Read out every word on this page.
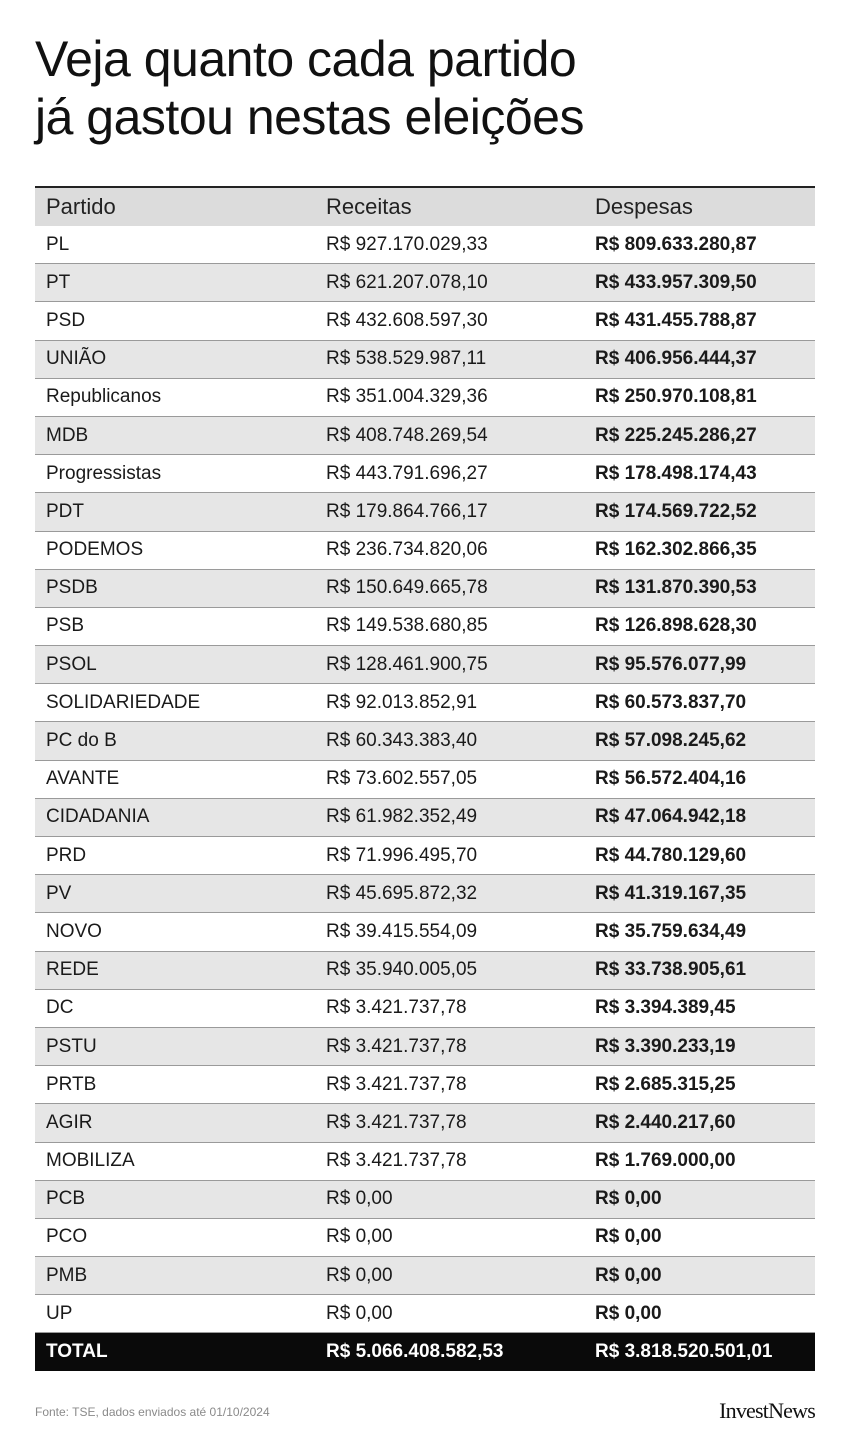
Veja quanto cada partido
já gastou nestas eleições
Partido	Receitas	Despesas
PL	R$ 927.170.029,33	R$ 809.633.280,87
PT	R$ 621.207.078,10	R$ 433.957.309,50
PSD	R$ 432.608.597,30	R$ 431.455.788,87
UNIÃO	R$ 538.529.987,11	R$ 406.956.444,37
Republicanos	R$ 351.004.329,36	R$ 250.970.108,81
MDB	R$ 408.748.269,54	R$ 225.245.286,27
Progressistas	R$ 443.791.696,27	R$ 178.498.174,43
PDT	R$ 179.864.766,17	R$ 174.569.722,52
PODEMOS	R$ 236.734.820,06	R$ 162.302.866,35
PSDB	R$ 150.649.665,78	R$ 131.870.390,53
PSB	R$ 149.538.680,85	R$ 126.898.628,30
PSOL	R$ 128.461.900,75	R$ 95.576.077,99
SOLIDARIEDADE	R$ 92.013.852,91	R$ 60.573.837,70
PC do B	R$ 60.343.383,40	R$ 57.098.245,62
AVANTE	R$ 73.602.557,05	R$ 56.572.404,16
CIDADANIA	R$ 61.982.352,49	R$ 47.064.942,18
PRD	R$ 71.996.495,70	R$ 44.780.129,60
PV	R$ 45.695.872,32	R$ 41.319.167,35
NOVO	R$ 39.415.554,09	R$ 35.759.634,49
REDE	R$ 35.940.005,05	R$ 33.738.905,61
DC	R$ 3.421.737,78	R$ 3.394.389,45
PSTU	R$ 3.421.737,78	R$ 3.390.233,19
PRTB	R$ 3.421.737,78	R$ 2.685.315,25
AGIR	R$ 3.421.737,78	R$ 2.440.217,60
MOBILIZA	R$ 3.421.737,78	R$ 1.769.000,00
PCB	R$ 0,00	R$ 0,00
PCO	R$ 0,00	R$ 0,00
PMB	R$ 0,00	R$ 0,00
UP	R$ 0,00	R$ 0,00
TOTAL	R$ 5.066.408.582,53	R$ 3.818.520.501,01
Fonte: TSE, dados enviados até 01/10/2024	InvestNews
